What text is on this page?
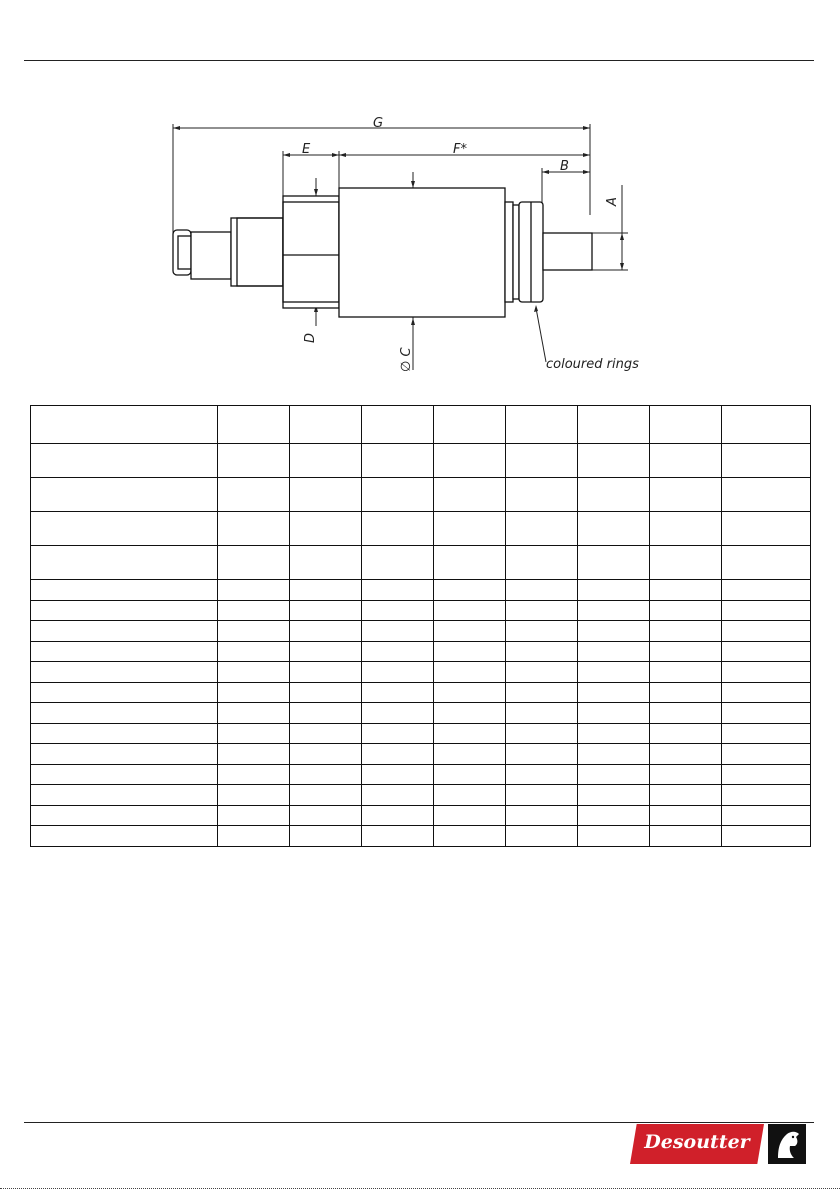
G
E	F*
B
A
D
∅ C	coloured rings

Desoutter
